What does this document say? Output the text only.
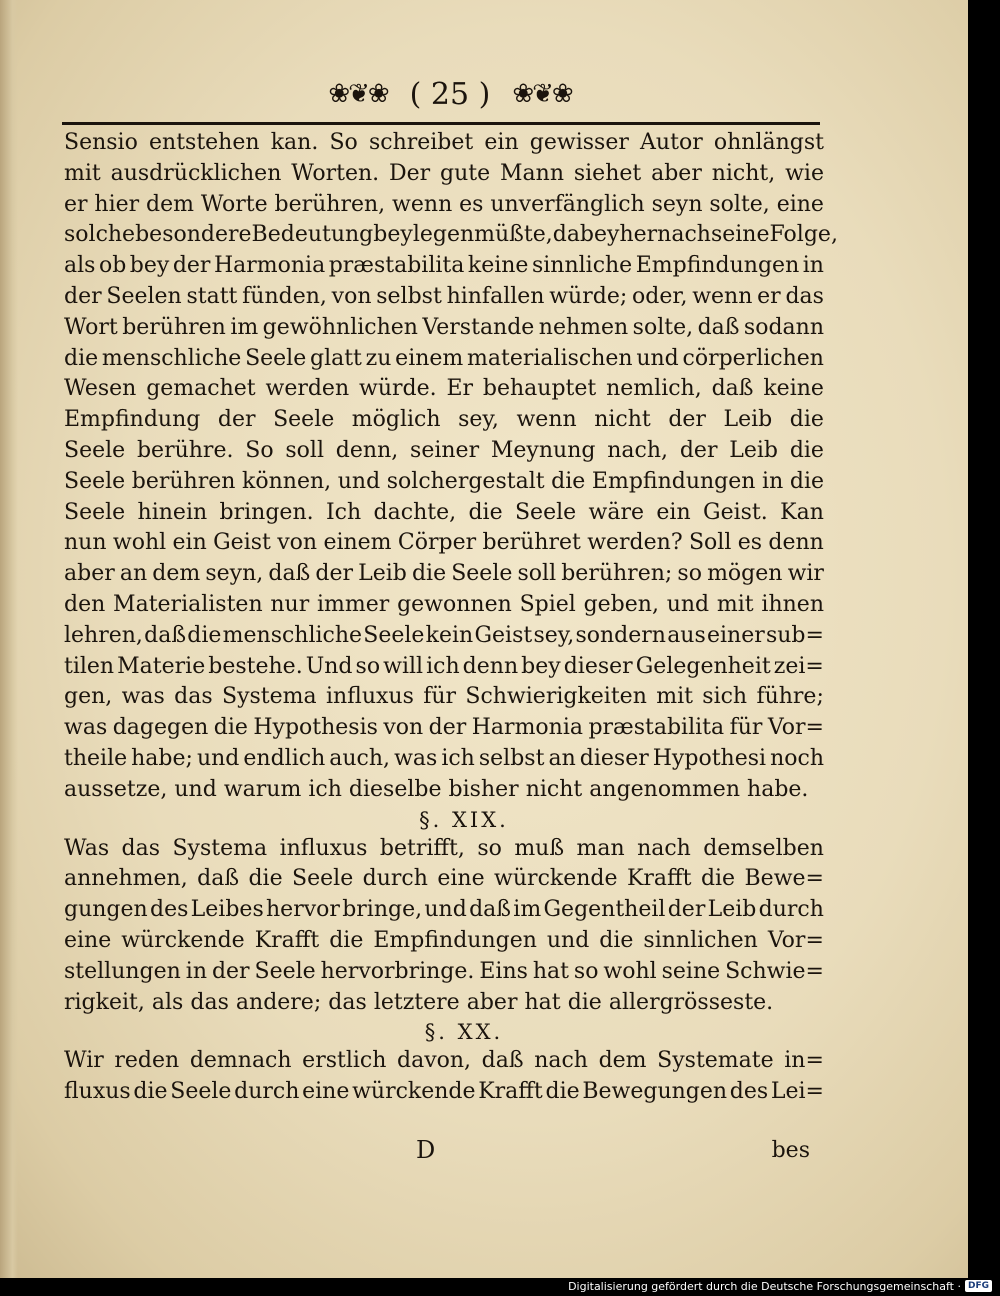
❀❦❀ ( 25 ) ❀❦❀
Sensio entstehen kan. So schreibet ein gewisser Autor ohnlängst
mit ausdrücklichen Worten. Der gute Mann siehet aber nicht, wie
er hier dem Worte berühren, wenn es unverfänglich seyn solte, eine
solche besondere Bedeutung beylegen müßte, dabey hernach seine Folge,
als ob bey der Harmonia præstabilita keine sinnliche Empfindungen in
der Seelen statt fünden, von selbst hinfallen würde; oder, wenn er das
Wort berühren im gewöhnlichen Verstande nehmen solte, daß sodann
die menschliche Seele glatt zu einem materialischen und cörperlichen
Wesen gemachet werden würde. Er behauptet nemlich, daß keine
Empfindung der Seele möglich sey, wenn nicht der Leib die
Seele berühre. So soll denn, seiner Meynung nach, der Leib die
Seele berühren können, und solchergestalt die Empfindungen in die
Seele hinein bringen. Ich dachte, die Seele wäre ein Geist. Kan
nun wohl ein Geist von einem Cörper berühret werden? Soll es denn
aber an dem seyn, daß der Leib die Seele soll berühren; so mögen wir
den Materialisten nur immer gewonnen Spiel geben, und mit ihnen
lehren, daß die menschliche Seele kein Geist sey, sondern aus einer sub=
tilen Materie bestehe. Und so will ich denn bey dieser Gelegenheit zei=
gen, was das Systema influxus für Schwierigkeiten mit sich führe;
was dagegen die Hypothesis von der Harmonia præstabilita für Vor=
theile habe; und endlich auch, was ich selbst an dieser Hypothesi noch
aussetze, und warum ich dieselbe bisher nicht angenommen habe.
§. XIX.
Was das Systema influxus betrifft, so muß man nach demselben
annehmen, daß die Seele durch eine würckende Krafft die Bewe=
gungen des Leibes hervor bringe, und daß im Gegentheil der Leib durch
eine würckende Krafft die Empfindungen und die sinnlichen Vor=
stellungen in der Seele hervorbringe. Eins hat so wohl seine Schwie=
rigkeit, als das andere; das letztere aber hat die allergrösseste.
§. XX.
Wir reden demnach erstlich davon, daß nach dem Systemate in=
fluxus die Seele durch eine würckende Krafft die Bewegungen des Lei=
D	bes
Digitalisierung gefördert durch die Deutsche Forschungsgemeinschaft · DFG
